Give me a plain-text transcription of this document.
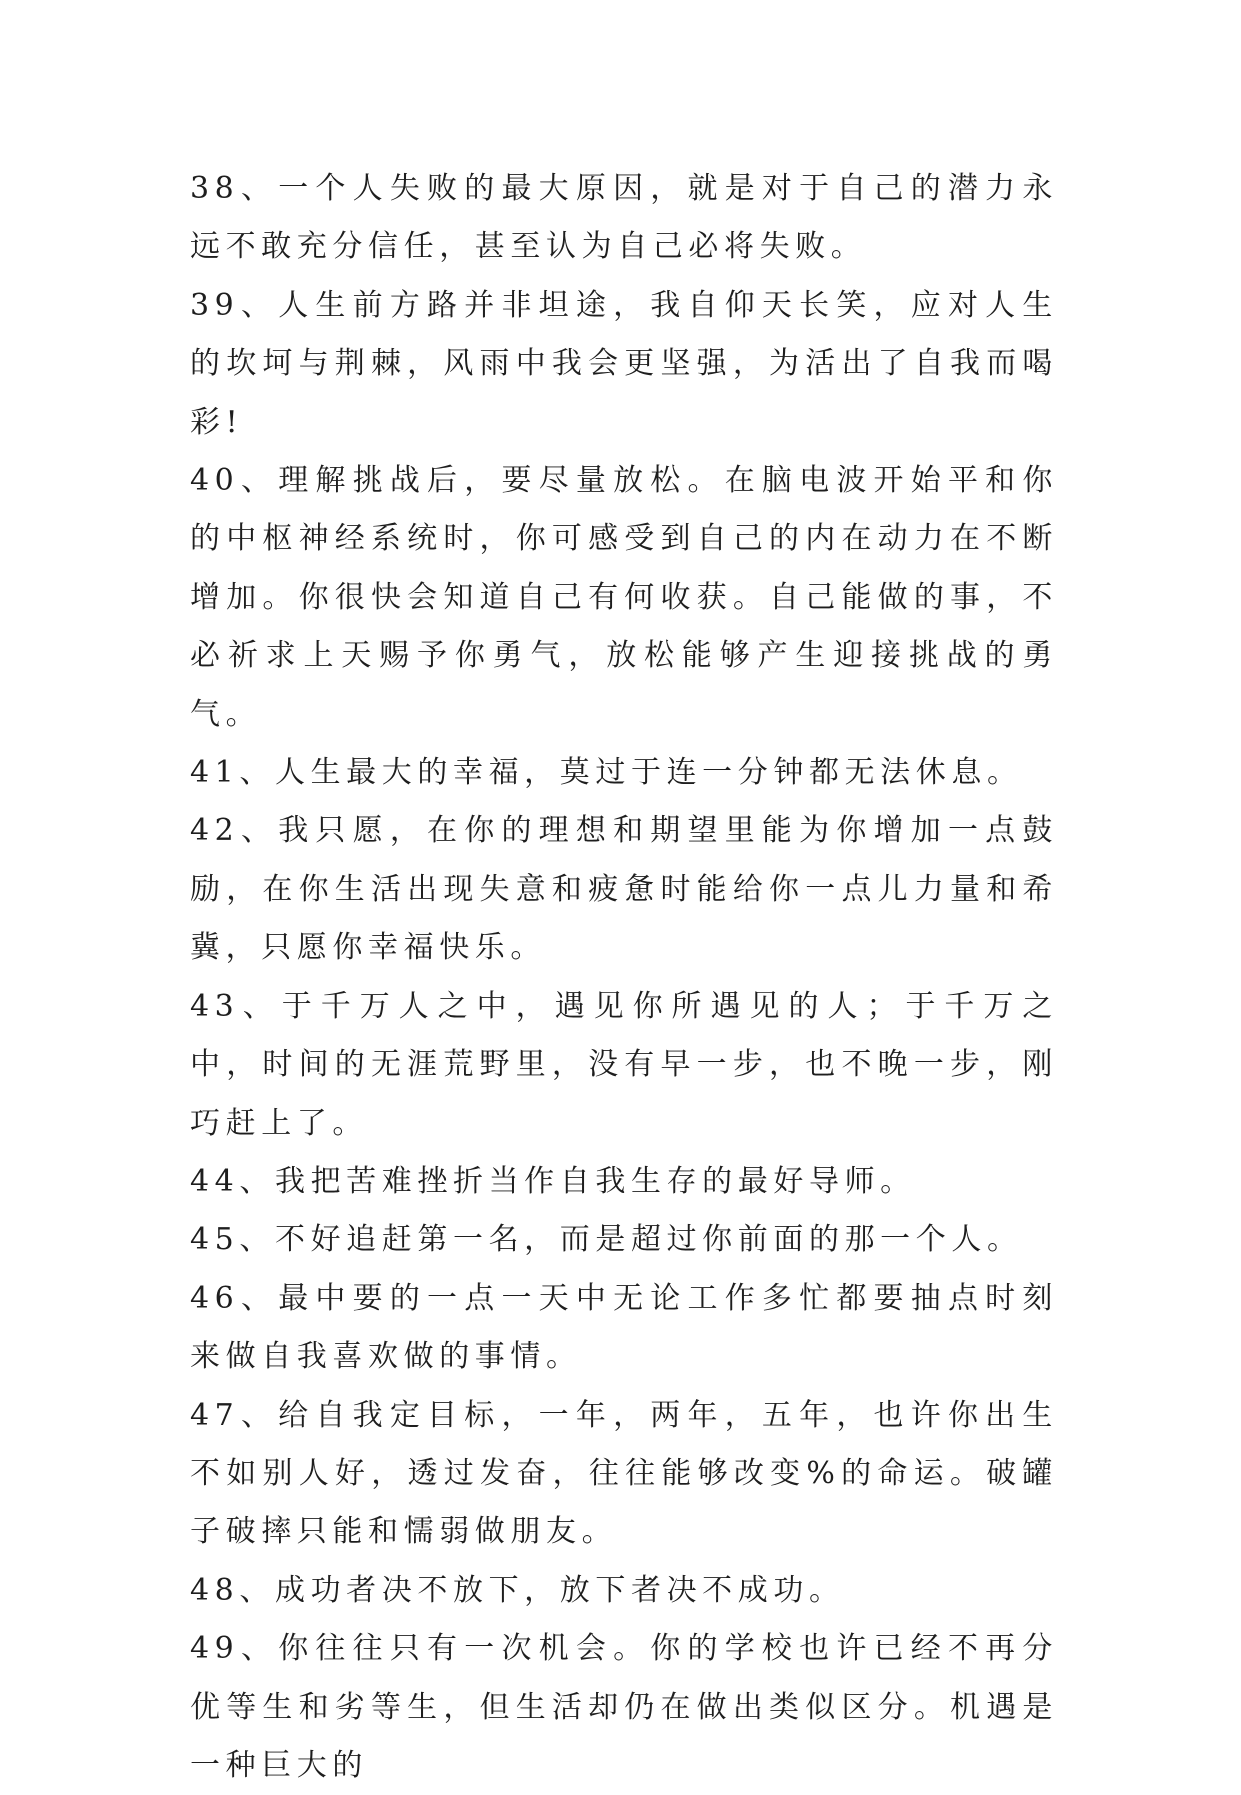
38、一个人失败的最大原因，就是对于自己的潜力永远不敢充分信任，甚至认为自己必将失败。

39、人生前方路并非坦途，我自仰天长笑，应对人生的坎坷与荆棘，风雨中我会更坚强，为活出了自我而喝彩!

40、理解挑战后，要尽量放松。在脑电波开始平和你的中枢神经系统时，你可感受到自己的内在动力在不断增加。你很快会知道自己有何收获。自己能做的事，不必祈求上天赐予你勇气，放松能够产生迎接挑战的勇气。

41、人生最大的幸福，莫过于连一分钟都无法休息。

42、我只愿，在你的理想和期望里能为你增加一点鼓励，在你生活出现失意和疲惫时能给你一点儿力量和希冀，只愿你幸福快乐。

43、于千万人之中，遇见你所遇见的人；于千万之中，时间的无涯荒野里，没有早一步，也不晚一步，刚巧赶上了。

44、我把苦难挫折当作自我生存的最好导师。

45、不好追赶第一名，而是超过你前面的那一个人。

46、最中要的一点一天中无论工作多忙都要抽点时刻来做自我喜欢做的事情。

47、给自我定目标，一年，两年，五年，也许你出生不如别人好，透过发奋，往往能够改变%的命运。破罐子破摔只能和懦弱做朋友。

48、成功者决不放下，放下者决不成功。

49、你往往只有一次机会。你的学校也许已经不再分优等生和劣等生，但生活却仍在做出类似区分。机遇是一种巨大的
